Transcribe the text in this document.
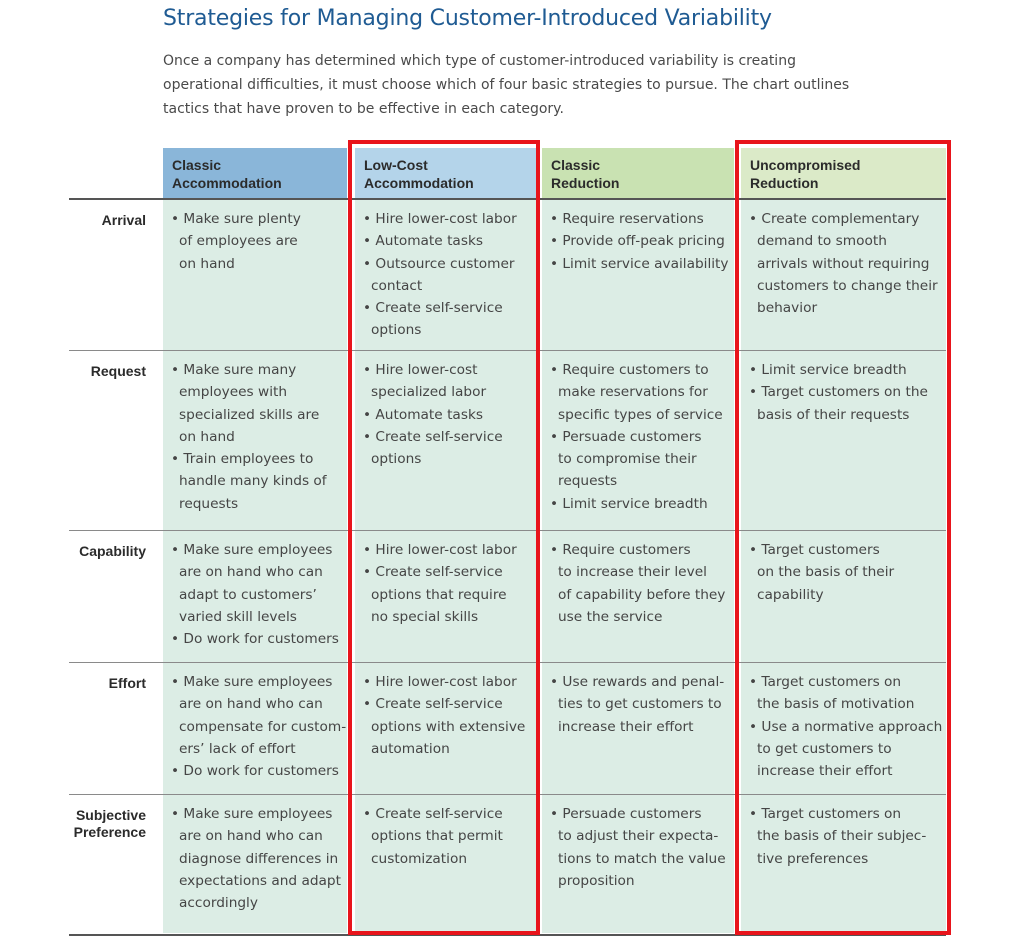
Strategies for Managing Customer-Introduced Variability
Once a company has determined which type of customer-introduced variability is creating
operational difficulties, it must choose which of four basic strategies to pursue. The chart outlines
tactics that have proven to be effective in each category.
Classic
Accommodation
Low-Cost
Accommodation
Classic
Reduction
Uncompromised
Reduction
Arrival • Make sure plenty
of employees are
on hand
• Hire lower-cost labor
• Automate tasks
• Outsource customer
contact
• Create self-service
options
• Require reservations
• Provide off-peak pricing
• Limit service availability
• Create complementary
demand to smooth
arrivals without requiring
customers to change their
behavior
Request • Make sure many
employees with
specialized skills are
on hand
• Train employees to
handle many kinds of
requests
• Hire lower-cost
specialized labor
• Automate tasks
• Create self-service
options
• Require customers to
make reservations for
specific types of service
• Persuade customers
to compromise their
requests
• Limit service breadth
• Limit service breadth
• Target customers on the
basis of their requests
Capability • Make sure employees
are on hand who can
adapt to customers’
varied skill levels
• Do work for customers
• Hire lower-cost labor
• Create self-service
options that require
no special skills
• Require customers
to increase their level
of capability before they
use the service
• Target customers
on the basis of their
capability
Effort • Make sure employees
are on hand who can
compensate for custom-
ers’ lack of effort
• Do work for customers
• Hire lower-cost labor
• Create self-service
options with extensive
automation
• Use rewards and penal-
ties to get customers to
increase their effort
• Target customers on
the basis of motivation
• Use a normative approach
to get customers to
increase their effort
Subjective
Preference
• Make sure employees
are on hand who can
diagnose differences in
expectations and adapt
accordingly
• Create self-service
options that permit
customization
• Persuade customers
to adjust their expecta-
tions to match the value
proposition
• Target customers on
the basis of their subjec-
tive preferences
